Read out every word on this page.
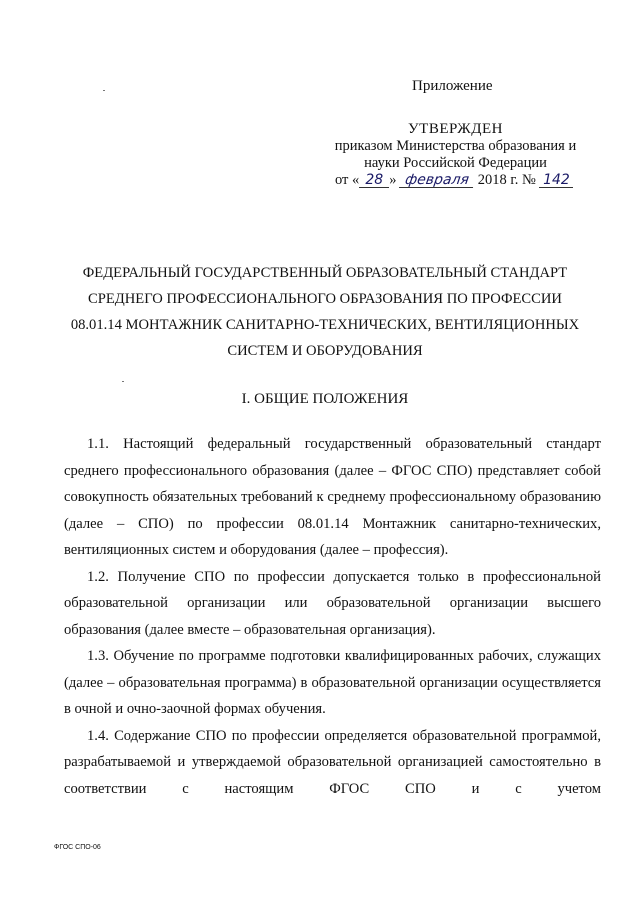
Приложение
УТВЕРЖДЕН
приказом Министерства образования и
науки Российской Федерации
от « 28 » февраля 2018 г. № 142
ФЕДЕРАЛЬНЫЙ ГОСУДАРСТВЕННЫЙ ОБРАЗОВАТЕЛЬНЫЙ СТАНДАРТ
СРЕДНЕГО ПРОФЕССИОНАЛЬНОГО ОБРАЗОВАНИЯ ПО ПРОФЕССИИ
08.01.14 МОНТАЖНИК САНИТАРНО-ТЕХНИЧЕСКИХ, ВЕНТИЛЯЦИОННЫХ
СИСТЕМ И ОБОРУДОВАНИЯ
I. ОБЩИЕ ПОЛОЖЕНИЯ

1.1. Настоящий федеральный государственный образовательный стандарт среднего профессионального образования (далее – ФГОС СПО) представляет собой совокупность обязательных требований к среднему профессиональному образованию (далее – СПО) по профессии 08.01.14 Монтажник санитарно-технических, вентиляционных систем и оборудования (далее – профессия).

1.2. Получение СПО по профессии допускается только в профессиональной образовательной организации или образовательной организации высшего образования (далее вместе – образовательная организация).

1.3. Обучение по программе подготовки квалифицированных рабочих, служащих (далее – образовательная программа) в образовательной организации осуществляется в очной и очно-заочной формах обучения.

1.4. Содержание СПО по профессии определяется образовательной программой, разрабатываемой и утверждаемой образовательной организацией самостоятельно в соответствии с настоящим ФГОС СПО и с учетом

ФГОС СПО-06
